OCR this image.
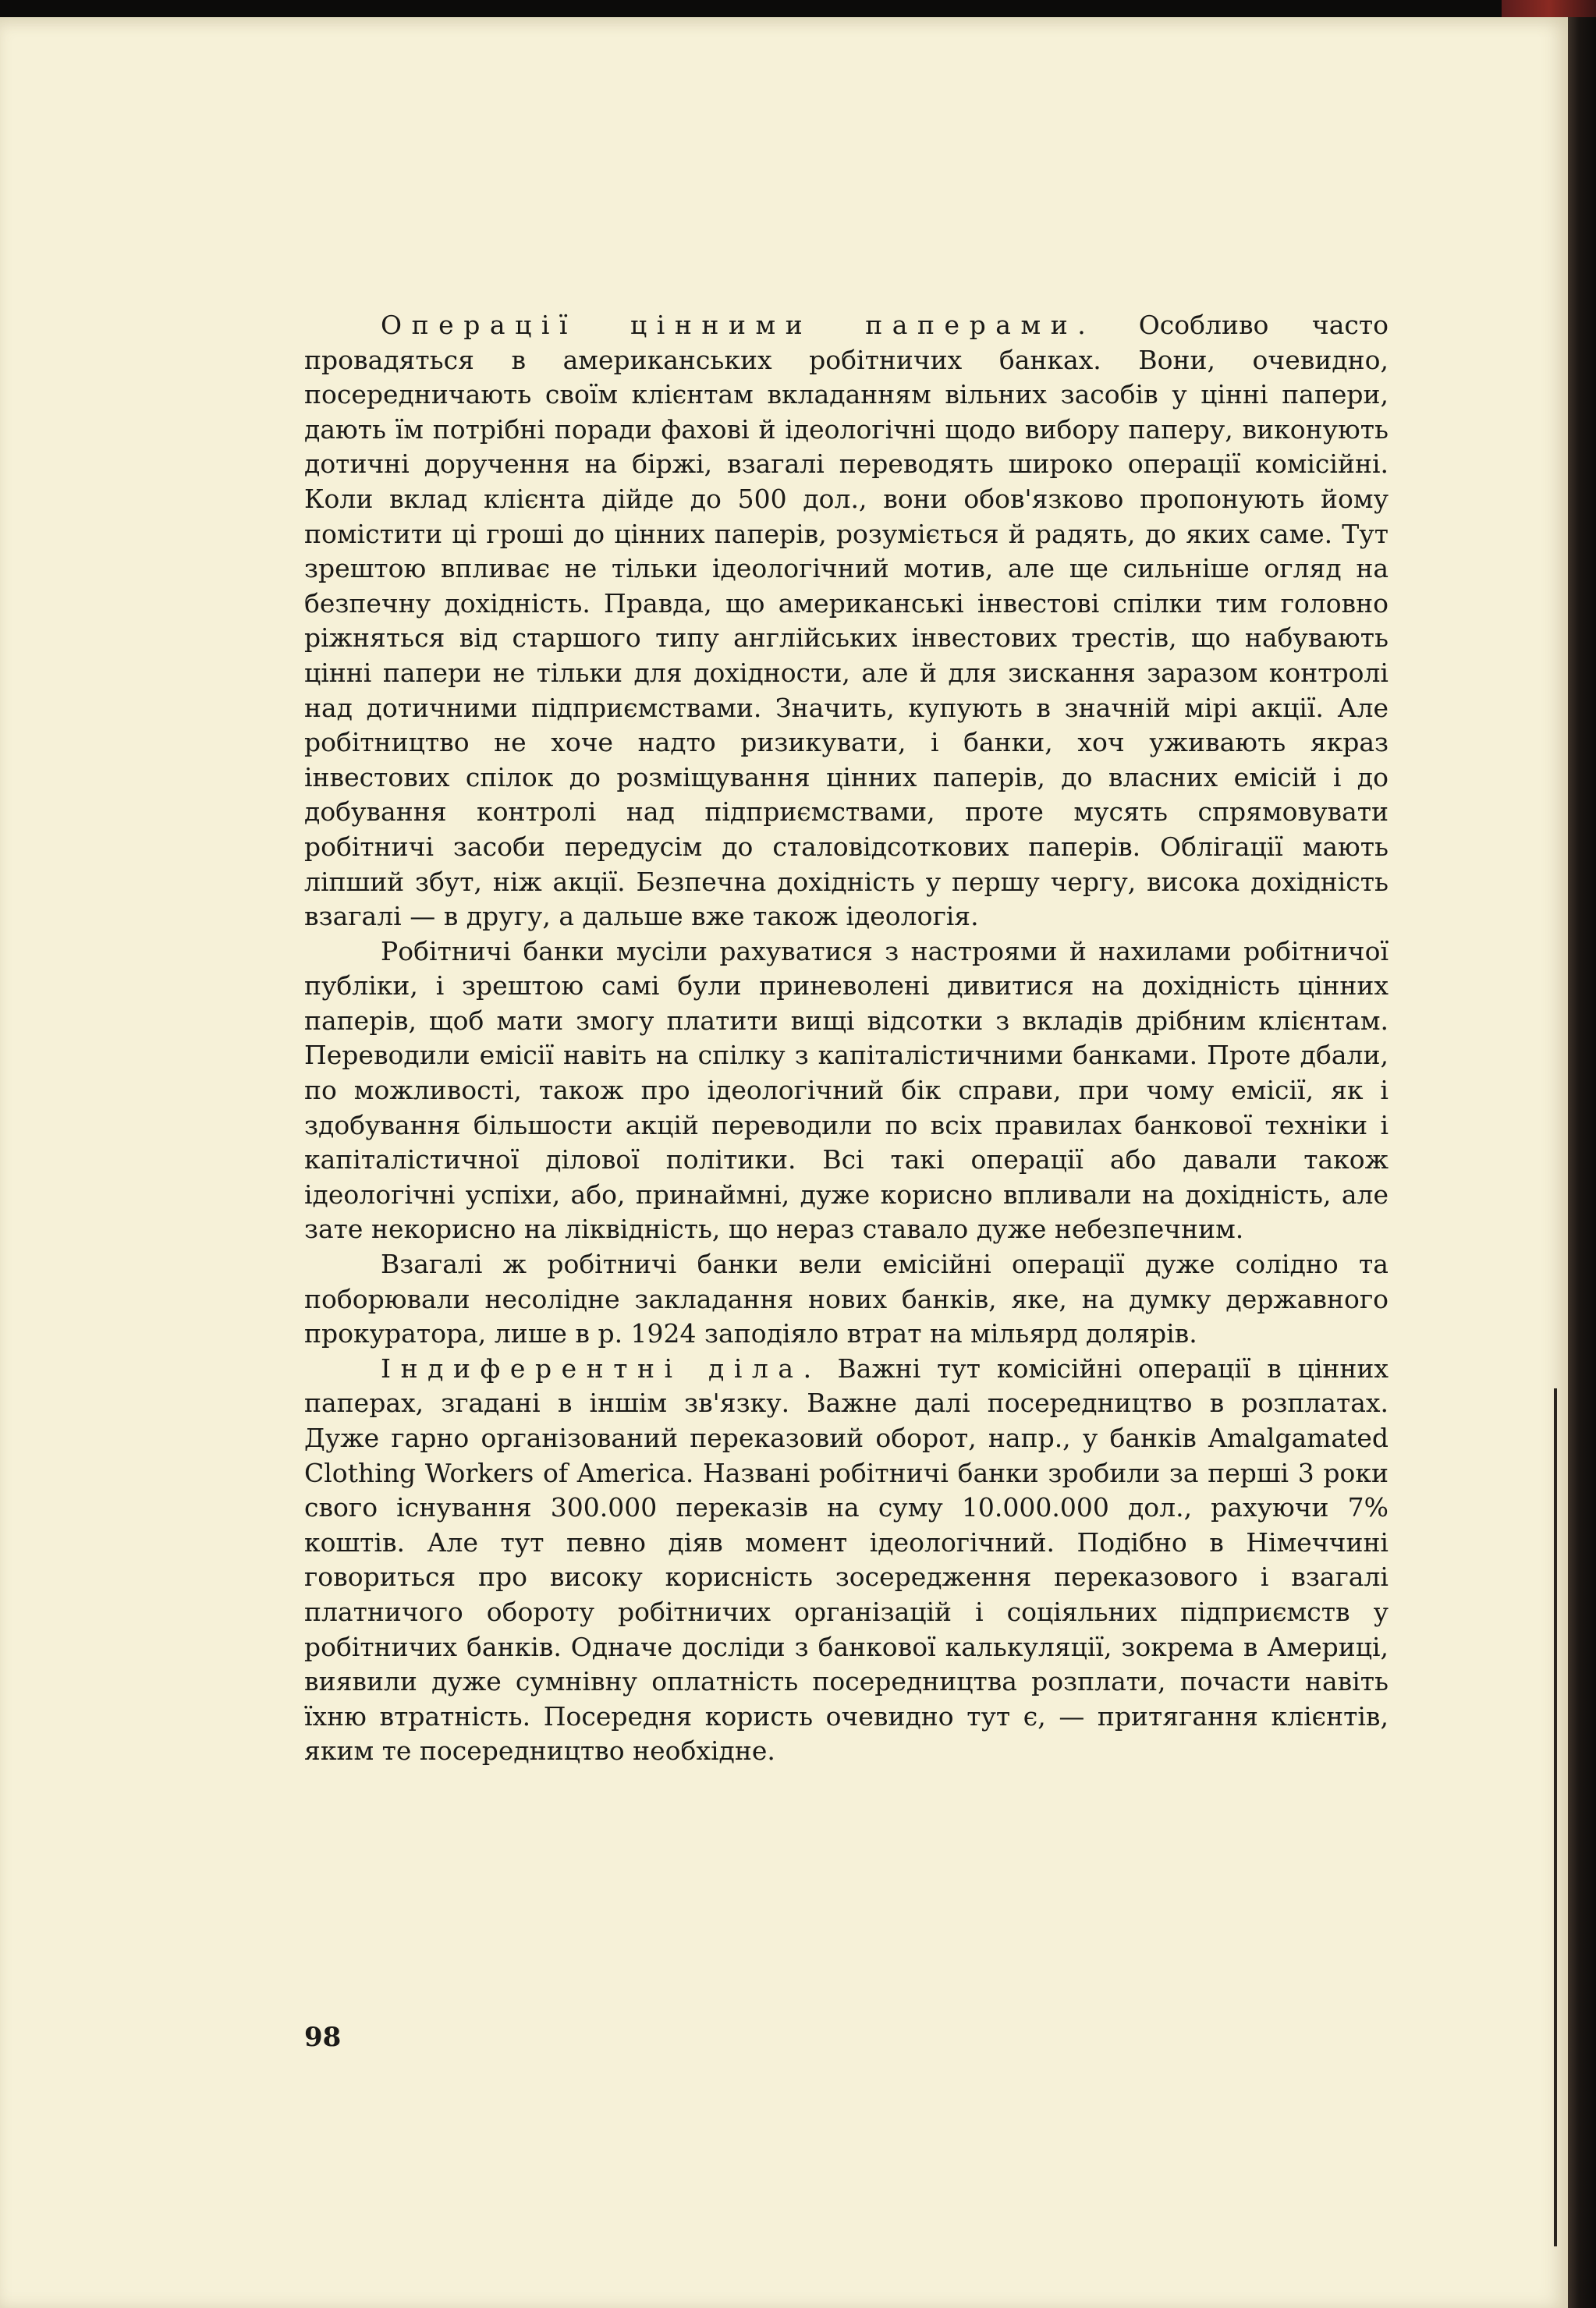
Операції цінними паперами. Особливо часто провадяться в американських робітничих банках. Вони, очевидно, посередничають своїм клієнтам вкладанням вільних засобів у цінні папери, дають їм потрібні поради фахові й ідеологічні щодо вибору паперу, виконують дотичні доручення на біржі, взагалі переводять широко операції комісійні. Коли вклад клієнта дійде до 500 дол., вони обов'язково пропонують йому помістити ці гроші до цінних паперів, розуміється й радять, до яких саме. Тут зрештою впливає не тільки ідеологічний мотив, але ще сильніше огляд на безпечну дохідність. Правда, що американські інвестові спілки тим головно ріжняться від старшого типу англійських інвестових трестів, що набувають цінні папери не тільки для дохідности, але й для зискання заразом контролі над дотичними підприємствами. Значить, купують в значній мірі акції. Але робітництво не хоче надто ризикувати, і банки, хоч уживають якраз інвестових спілок до розміщування цінних паперів, до власних емісій і до добування контролі над підприємствами, проте мусять спрямовувати робітничі засоби передусім до сталовідсоткових паперів. Облігації мають ліпший збут, ніж акції. Безпечна дохідність у першу чергу, висока дохідність взагалі — в другу, а дальше вже також ідеологія.

Робітничі банки мусіли рахуватися з настроями й нахилами робітничої публіки, і зрештою самі були приневолені дивитися на дохідність цінних паперів, щоб мати змогу платити вищі відсотки з вкладів дрібним клієнтам. Переводили емісії навіть на спілку з капіталістичними банками. Проте дбали, по можливості, також про ідеологічний бік справи, при чому емісії, як і здобування більшости акцій переводили по всіх правилах банкової техніки і капіталістичної ділової політики. Всі такі операції або давали також ідеологічні успіхи, або, принаймні, дуже корисно впливали на дохідність, але зате некорисно на ліквідність, що нераз ставало дуже небезпечним.

Взагалі ж робітничі банки вели емісійні операції дуже солідно та поборювали несолідне закладання нових банків, яке, на думку державного прокуратора, лише в р. 1924 заподіяло втрат на мільярд долярів.

Індиферентні діла. Важні тут комісійні операції в цінних паперах, згадані в іншім зв'язку. Важне далі посередництво в розплатах. Дуже гарно організований переказовий оборот, напр., у банків Amalgamated Clothing Workers of America. Названі робітничі банки зробили за перші 3 роки свого існування 300.000 переказів на суму 10.000.000 дол., рахуючи 7% коштів. Але тут певно діяв момент ідеологічний. Подібно в Німеччині говориться про високу корисність зосередження переказового і взагалі платничого обороту робітничих організацій і соціяльних підприємств у робітничих банків. Одначе досліди з банкової калькуляції, зокрема в Америці, виявили дуже сумнівну оплатність посередництва розплати, почасти навіть їхню втратність. Посередня користь очевидно тут є, — притягання клієнтів, яким те посередництво необхідне.

98
